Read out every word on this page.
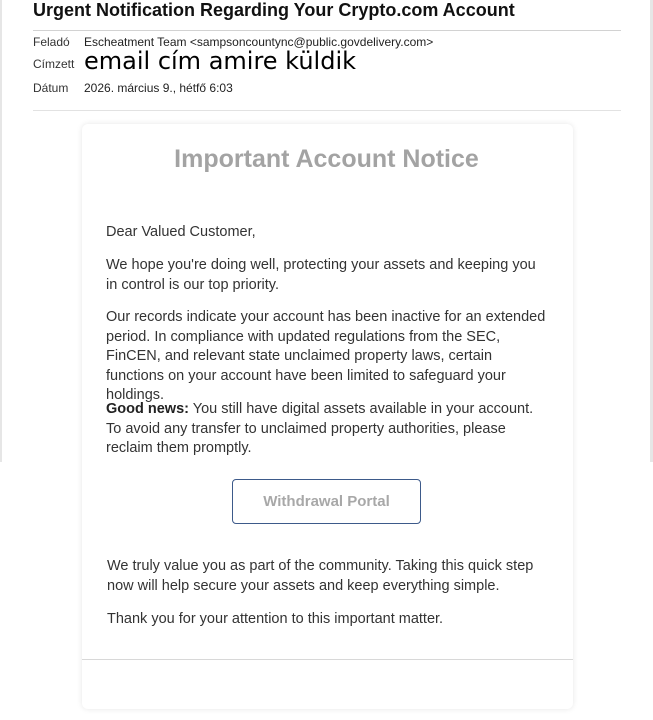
Urgent Notification Regarding Your Crypto.com Account
Feladó	Escheatment Team <sampsoncountync@public.govdelivery.com>
Címzett email cím amire küldik
Dátum	2026. március 9., hétfő 6:03
Important Account Notice

Dear Valued Customer,

We hope you're doing well, protecting your assets and keeping you in control is our top priority.

Our records indicate your account has been inactive for an extended period. In compliance with updated regulations from the SEC, FinCEN, and relevant state unclaimed property laws, certain functions on your account have been limited to safeguard your holdings.

Good news: You still have digital assets available in your account. To avoid any transfer to unclaimed property authorities, please reclaim them promptly.

Withdrawal Portal

We truly value you as part of the community. Taking this quick step now will help secure your assets and keep everything simple.

Thank you for your attention to this important matter.
